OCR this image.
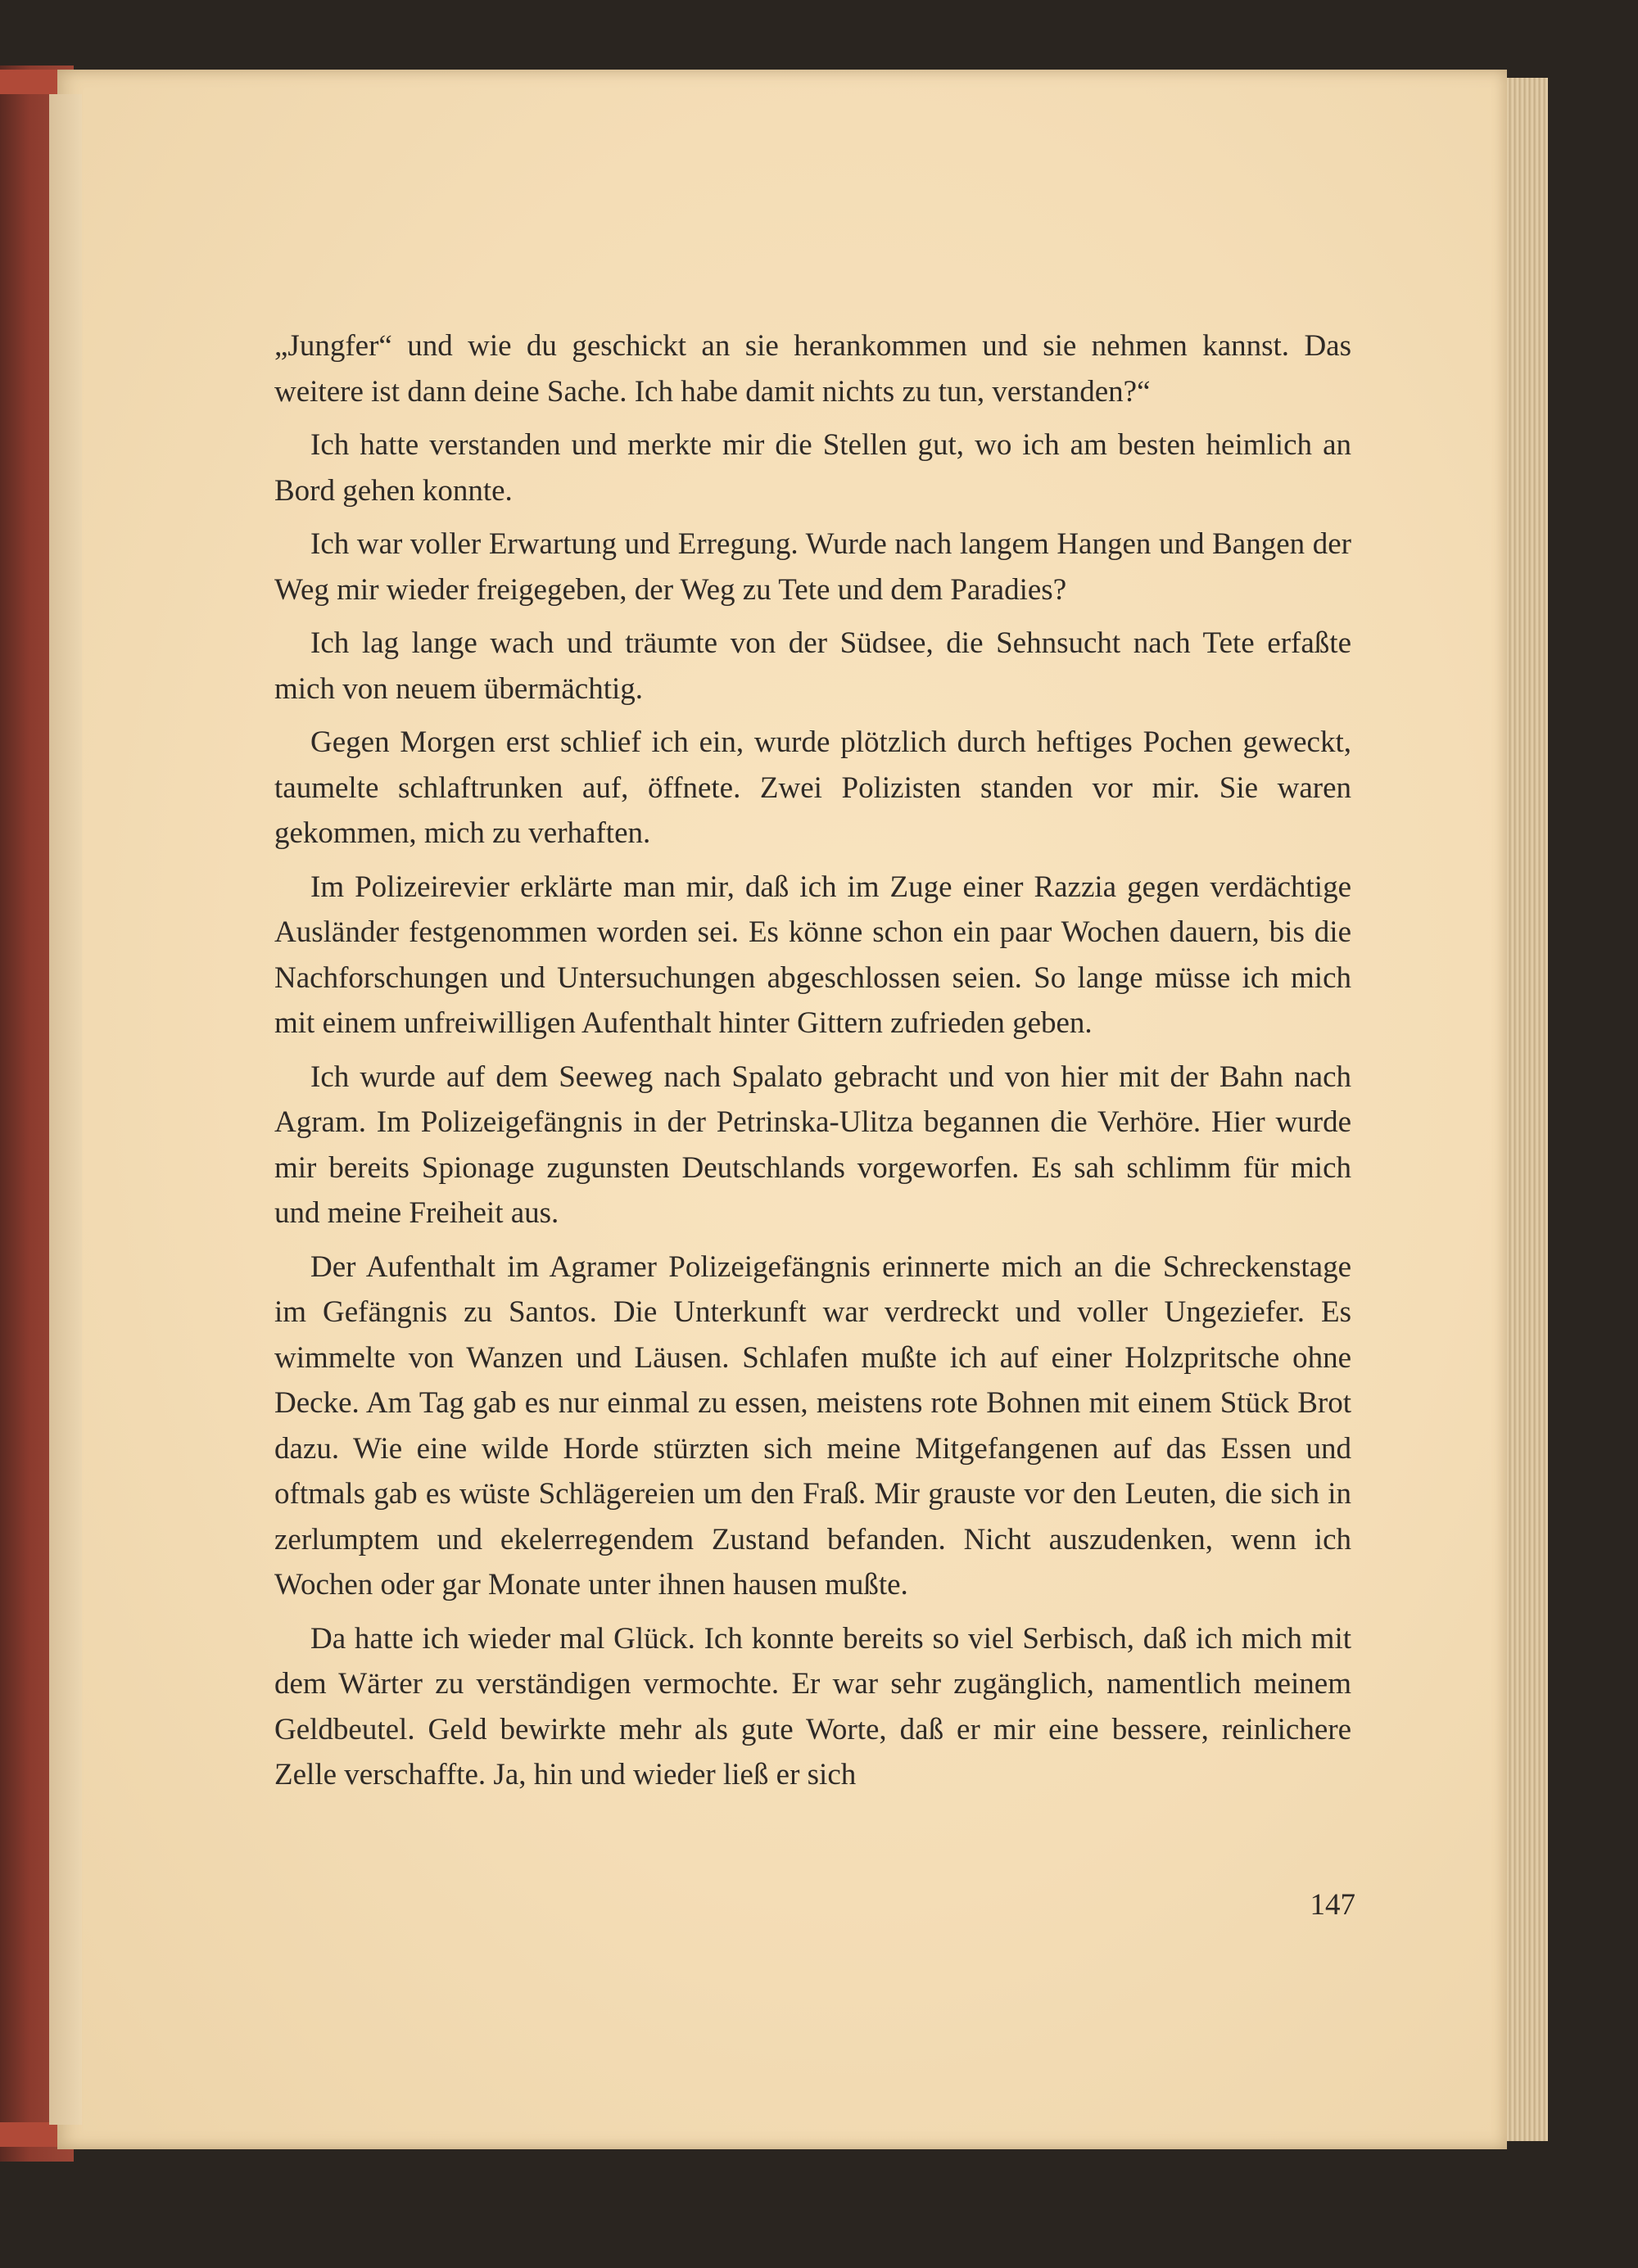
„Jungfer“ und wie du geschickt an sie herankommen und sie nehmen kannst. Das weitere ist dann deine Sache. Ich habe damit nichts zu tun, verstanden?“

Ich hatte verstanden und merkte mir die Stellen gut, wo ich am besten heimlich an Bord gehen konnte.

Ich war voller Erwartung und Erregung. Wurde nach langem Hangen und Bangen der Weg mir wieder freigegeben, der Weg zu Tete und dem Paradies?

Ich lag lange wach und träumte von der Südsee, die Sehnsucht nach Tete erfaßte mich von neuem übermächtig.

Gegen Morgen erst schlief ich ein, wurde plötzlich durch heftiges Pochen geweckt, taumelte schlaftrunken auf, öffnete. Zwei Polizisten standen vor mir. Sie waren gekommen, mich zu verhaften.

Im Polizeirevier erklärte man mir, daß ich im Zuge einer Razzia gegen verdächtige Ausländer festgenommen worden sei. Es könne schon ein paar Wochen dauern, bis die Nachforschungen und Untersuchungen abgeschlossen seien. So lange müsse ich mich mit einem unfreiwilligen Aufenthalt hinter Gittern zufrieden geben.

Ich wurde auf dem Seeweg nach Spalato gebracht und von hier mit der Bahn nach Agram. Im Polizeigefängnis in der Petrinska-Ulitza begannen die Verhöre. Hier wurde mir bereits Spionage zugunsten Deutschlands vorgeworfen. Es sah schlimm für mich und meine Freiheit aus.

Der Aufenthalt im Agramer Polizeigefängnis erinnerte mich an die Schreckenstage im Gefängnis zu Santos. Die Unterkunft war verdreckt und voller Ungeziefer. Es wimmelte von Wanzen und Läusen. Schlafen mußte ich auf einer Holzpritsche ohne Decke. Am Tag gab es nur einmal zu essen, meistens rote Bohnen mit einem Stück Brot dazu. Wie eine wilde Horde stürzten sich meine Mitgefangenen auf das Essen und oftmals gab es wüste Schlägereien um den Fraß. Mir grauste vor den Leuten, die sich in zerlumptem und ekelerregendem Zustand befanden. Nicht auszudenken, wenn ich Wochen oder gar Monate unter ihnen hausen mußte.

Da hatte ich wieder mal Glück. Ich konnte bereits so viel Serbisch, daß ich mich mit dem Wärter zu verständigen vermochte. Er war sehr zugänglich, namentlich meinem Geldbeutel. Geld bewirkte mehr als gute Worte, daß er mir eine bessere, reinlichere Zelle verschaffte. Ja, hin und wieder ließ er sich

147
